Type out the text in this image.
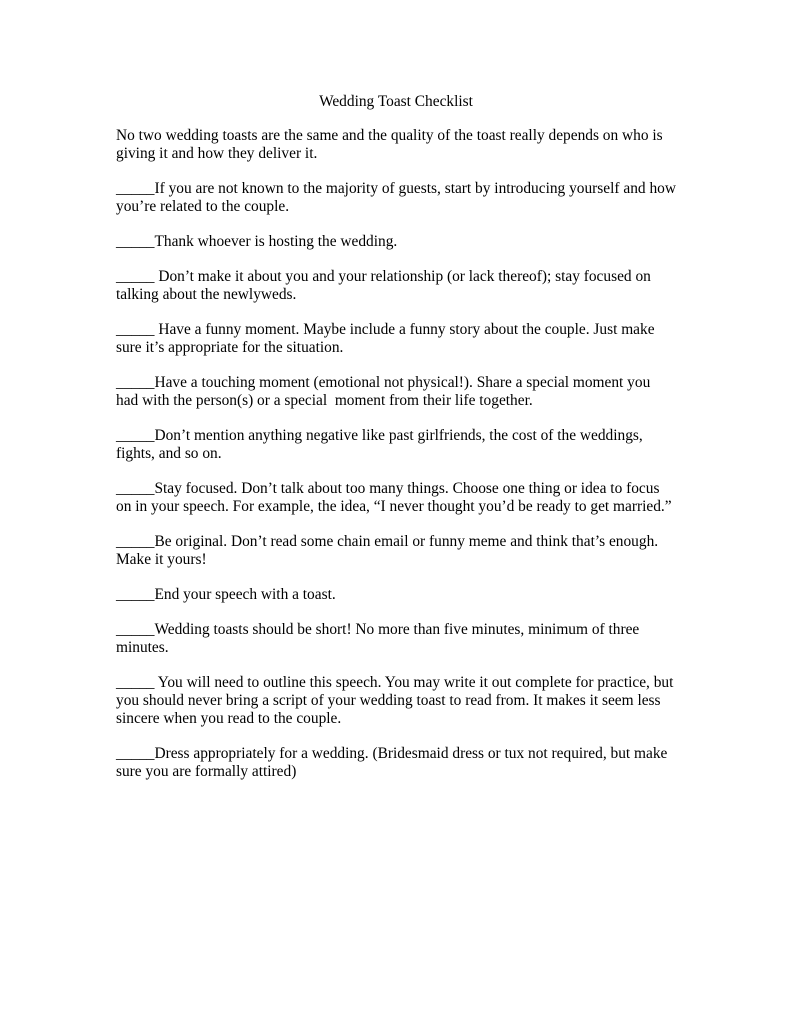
Wedding Toast Checklist

No two wedding toasts are the same and the quality of the toast really depends on who is giving it and how they deliver it.

_____If you are not known to the majority of guests, start by introducing yourself and how you’re related to the couple.

_____Thank whoever is hosting the wedding.

_____ Don’t make it about you and your relationship (or lack thereof); stay focused on talking about the newlyweds.

_____ Have a funny moment. Maybe include a funny story about the couple. Just make sure it’s appropriate for the situation.

_____Have a touching moment (emotional not physical!). Share a special moment you had with the person(s) or a special  moment from their life together.

_____Don’t mention anything negative like past girlfriends, the cost of the weddings, fights, and so on.

_____Stay focused. Don’t talk about too many things. Choose one thing or idea to focus on in your speech. For example, the idea, “I never thought you’d be ready to get married.”

_____Be original. Don’t read some chain email or funny meme and think that’s enough. Make it yours!

_____End your speech with a toast.

_____Wedding toasts should be short! No more than five minutes, minimum of three minutes.

_____ You will need to outline this speech. You may write it out complete for practice, but you should never bring a script of your wedding toast to read from. It makes it seem less sincere when you read to the couple.

_____Dress appropriately for a wedding. (Bridesmaid dress or tux not required, but make sure you are formally attired)
